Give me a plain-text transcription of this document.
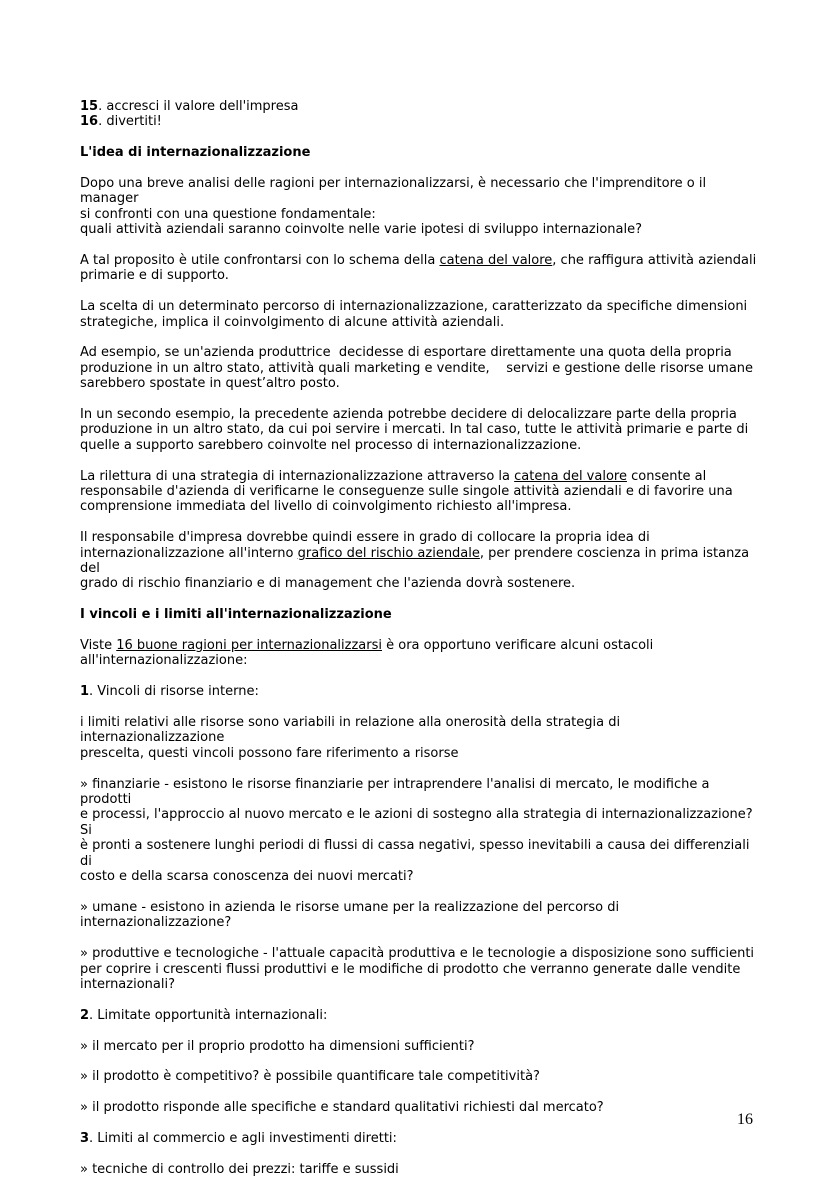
15. accresci il valore dell'impresa

16. divertiti!

L'idea di internazionalizzazione

Dopo una breve analisi delle ragioni per internazionalizzarsi, è necessario che l'imprenditore o il manager
si confronti con una questione fondamentale:
quali attività aziendali saranno coinvolte nelle varie ipotesi di sviluppo internazionale?

A tal proposito è utile confrontarsi con lo schema della catena del valore, che raffigura attività aziendali
primarie e di supporto.

La scelta di un determinato percorso di internazionalizzazione, caratterizzato da specifiche dimensioni
strategiche, implica il coinvolgimento di alcune attività aziendali.

Ad esempio, se un'azienda produttrice  decidesse di esportare direttamente una quota della propria
produzione in un altro stato, attività quali marketing e vendite,    servizi e gestione delle risorse umane
sarebbero spostate in quest’altro posto.

In un secondo esempio, la precedente azienda potrebbe decidere di delocalizzare parte della propria
produzione in un altro stato, da cui poi servire i mercati. In tal caso, tutte le attività primarie e parte di
quelle a supporto sarebbero coinvolte nel processo di internazionalizzazione.

La rilettura di una strategia di internazionalizzazione attraverso la catena del valore consente al
responsabile d'azienda di verificarne le conseguenze sulle singole attività aziendali e di favorire una
comprensione immediata del livello di coinvolgimento richiesto all'impresa.

Il responsabile d'impresa dovrebbe quindi essere in grado di collocare la propria idea di
internazionalizzazione all'interno grafico del rischio aziendale, per prendere coscienza in prima istanza del
grado di rischio finanziario e di management che l'azienda dovrà sostenere.

I vincoli e i limiti all'internazionalizzazione

Viste 16 buone ragioni per internazionalizzarsi è ora opportuno verificare alcuni ostacoli
all'internazionalizzazione:

1. Vincoli di risorse interne:

i limiti relativi alle risorse sono variabili in relazione alla onerosità della strategia di internazionalizzazione
prescelta, questi vincoli possono fare riferimento a risorse

» finanziarie - esistono le risorse finanziarie per intraprendere l'analisi di mercato, le modifiche a prodotti
e processi, l'approccio al nuovo mercato e le azioni di sostegno alla strategia di internazionalizzazione? Si
è pronti a sostenere lunghi periodi di flussi di cassa negativi, spesso inevitabili a causa dei differenziali di
costo e della scarsa conoscenza dei nuovi mercati?

» umane - esistono in azienda le risorse umane per la realizzazione del percorso di
internazionalizzazione?

» produttive e tecnologiche - l'attuale capacità produttiva e le tecnologie a disposizione sono sufficienti
per coprire i crescenti flussi produttivi e le modifiche di prodotto che verranno generate dalle vendite
internazionali?

2. Limitate opportunità internazionali:

» il mercato per il proprio prodotto ha dimensioni sufficienti?

» il prodotto è competitivo? è possibile quantificare tale competitività?

» il prodotto risponde alle specifiche e standard qualitativi richiesti dal mercato?

3. Limiti al commercio e agli investimenti diretti:

» tecniche di controllo dei prezzi: tariffe e sussidi

16
